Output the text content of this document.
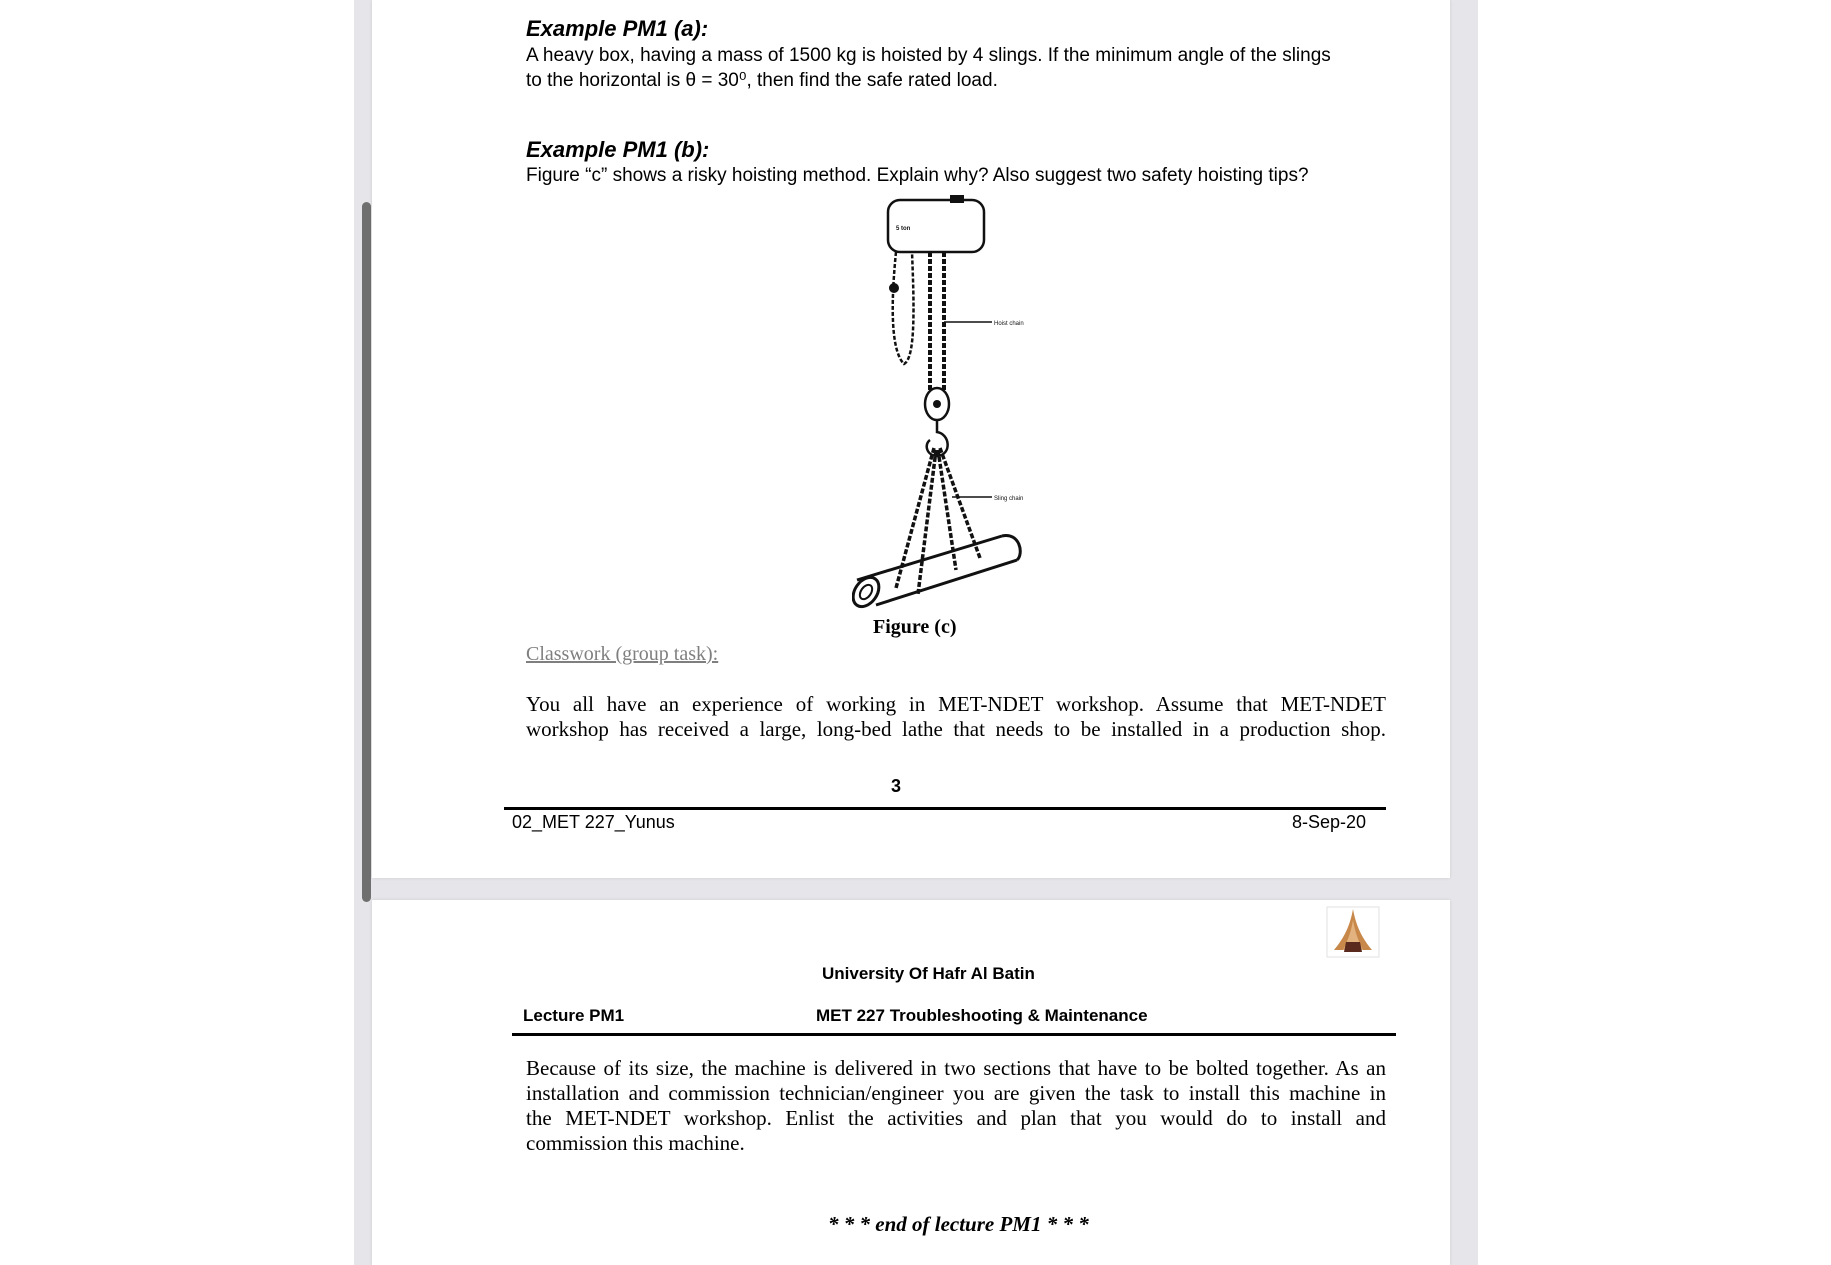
Example PM1 (a):
A heavy box, having a mass of 1500 kg is hoisted by 4 slings. If the minimum angle of the slings
to the horizontal is θ = 30⁰, then find the safe rated load.
Example PM1 (b):
Figure “c” shows a risky hoisting method. Explain why? Also suggest two safety hoisting tips?
5 ton
Hoist chain
Sling chain
Figure (c)
Classwork (group task):
You all have an experience of working in MET-NDET workshop. Assume that MET-NDET
workshop has received a large, long-bed lathe that needs to be installed in a production shop.
3
02_MET 227_Yunus	8-Sep-20
University Of Hafr Al Batin
Lecture PM1	MET 227 Troubleshooting & Maintenance
Because of its size, the machine is delivered in two sections that have to be bolted together. As an
installation and commission technician/engineer you are given the task to install this machine in
the MET-NDET workshop. Enlist the activities and plan that you would do to install and
commission this machine.
* * * end of lecture PM1 * * *
